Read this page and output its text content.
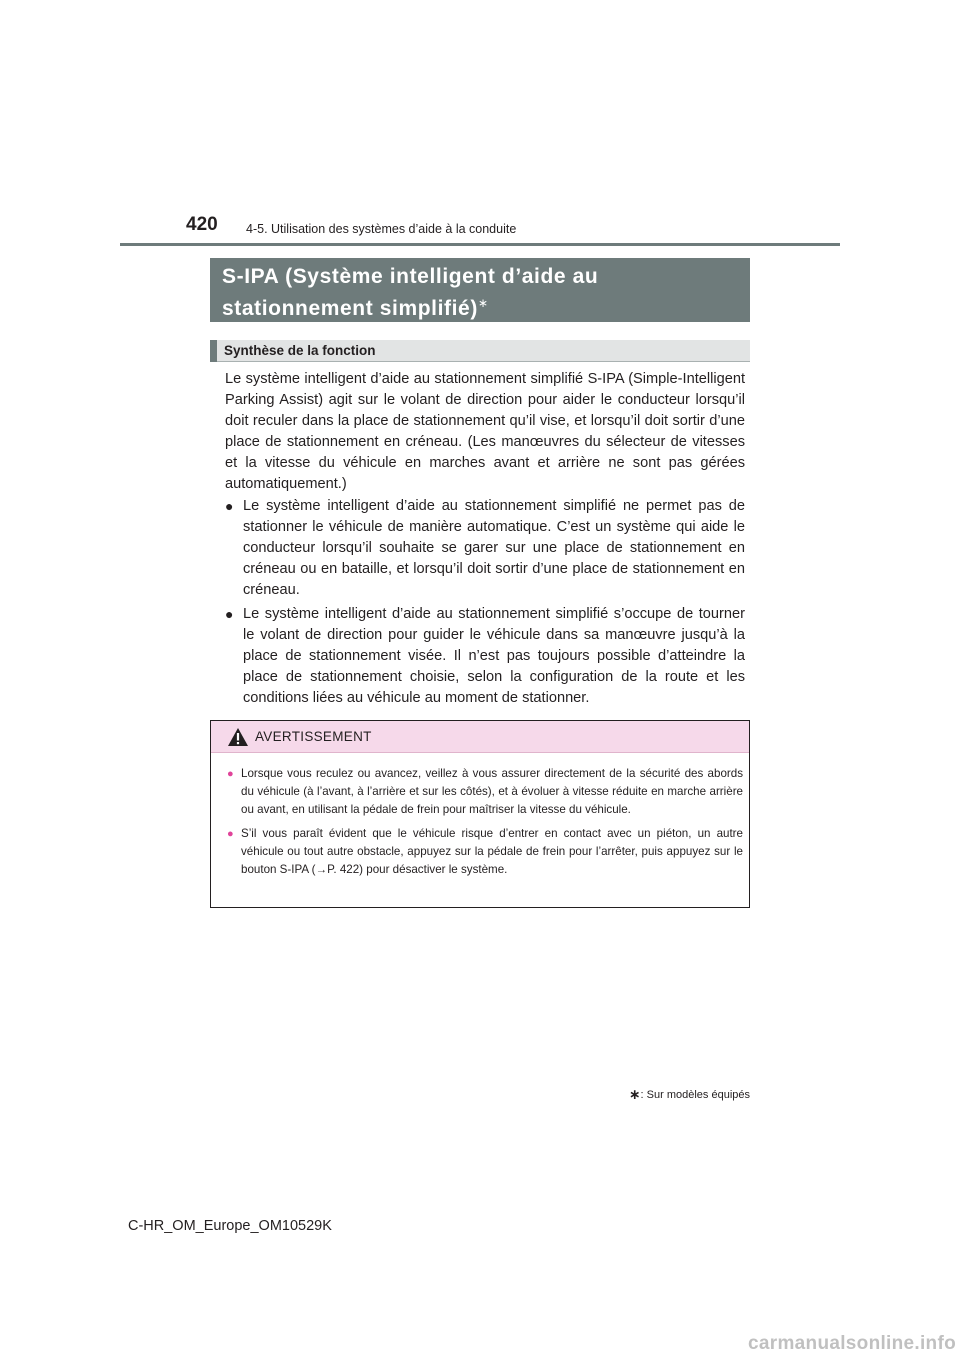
420 4-5. Utilisation des systèmes d’aide à la conduite
S-IPA (Système intelligent d’aide au
stationnement simplifié)∗
Synthèse de la fonction

Le système intelligent d’aide au stationnement simplifié S-IPA (Simple-Intelligent Parking Assist) agit sur le volant de direction pour aider le conducteur lorsqu’il doit reculer dans la place de stationnement qu’il vise, et lorsqu’il doit sortir d’une place de stationnement en créneau. (Les manœuvres du sélecteur de vitesses et la vitesse du véhicule en marches avant et arrière ne sont pas gérées automatiquement.)

● Le système intelligent d’aide au stationnement simplifié ne permet pas de stationner le véhicule de manière automatique. C’est un système qui aide le conducteur lorsqu’il souhaite se garer sur une place de stationnement en créneau ou en bataille, et lorsqu’il doit sortir d’une place de stationnement en créneau.
● Le système intelligent d’aide au stationnement simplifié s’occupe de tourner le volant de direction pour guider le véhicule dans sa manœuvre jusqu’à la place de stationnement visée. Il n’est pas toujours possible d’atteindre la place de stationnement choisie, selon la configuration de la route et les conditions liées au véhicule au moment de stationner.
AVERTISSEMENT
● Lorsque vous reculez ou avancez, veillez à vous assurer directement de la sécurité des abords du véhicule (à l’avant, à l’arrière et sur les côtés), et à évoluer à vitesse réduite en marche arrière ou avant, en utilisant la pédale de frein pour maîtriser la vitesse du véhicule.
● S’il vous paraît évident que le véhicule risque d’entrer en contact avec un piéton, un autre véhicule ou tout autre obstacle, appuyez sur la pédale de frein pour l’arrêter, puis appuyez sur le bouton S-IPA (→P. 422) pour désactiver le système.
∗: Sur modèles équipés
C-HR_OM_Europe_OM10529K
carmanualsonline.info
